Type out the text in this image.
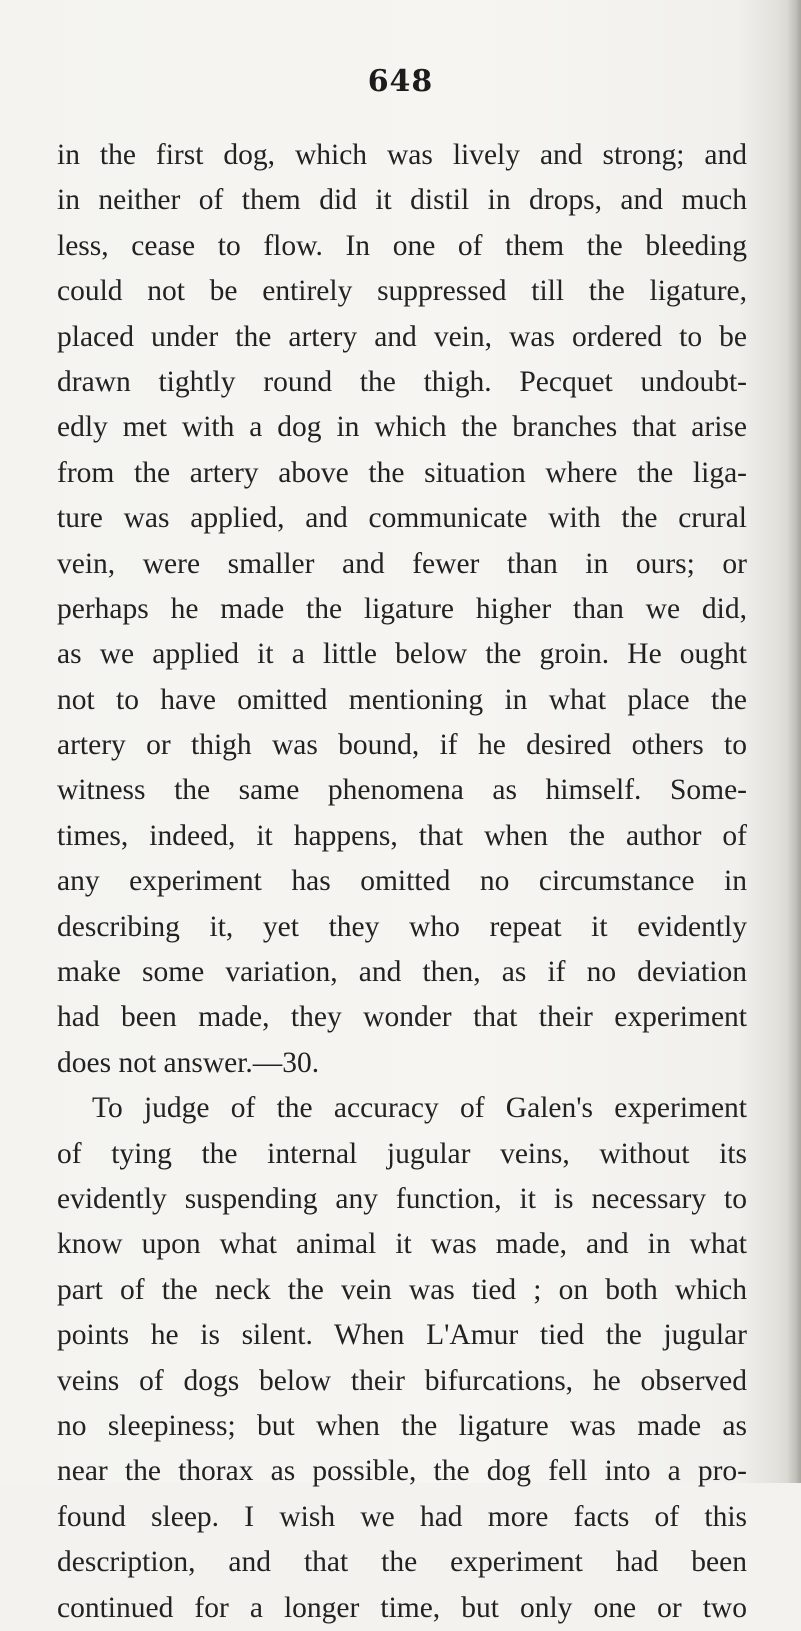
648
in the first dog, which was lively and strong; and
in neither of them did it distil in drops, and much
less, cease to flow. In one of them the bleeding
could not be entirely suppressed till the ligature,
placed under the artery and vein, was ordered to be
drawn tightly round the thigh. Pecquet undoubt-
edly met with a dog in which the branches that arise
from the artery above the situation where the liga-
ture was applied, and communicate with the crural
vein, were smaller and fewer than in ours; or
perhaps he made the ligature higher than we did,
as we applied it a little below the groin. He ought
not to have omitted mentioning in what place the
artery or thigh was bound, if he desired others to
witness the same phenomena as himself. Some-
times, indeed, it happens, that when the author of
any experiment has omitted no circumstance in
describing it, yet they who repeat it evidently
make some variation, and then, as if no deviation
had been made, they wonder that their experiment
does not answer.—30.
To judge of the accuracy of Galen's experiment
of tying the internal jugular veins, without its
evidently suspending any function, it is necessary to
know upon what animal it was made, and in what
part of the neck the vein was tied ; on both which
points he is silent. When L'Amur tied the jugular
veins of dogs below their bifurcations, he observed
no sleepiness; but when the ligature was made as
near the thorax as possible, the dog fell into a pro-
found sleep. I wish we had more facts of this
description, and that the experiment had been
continued for a longer time, but only one or two
